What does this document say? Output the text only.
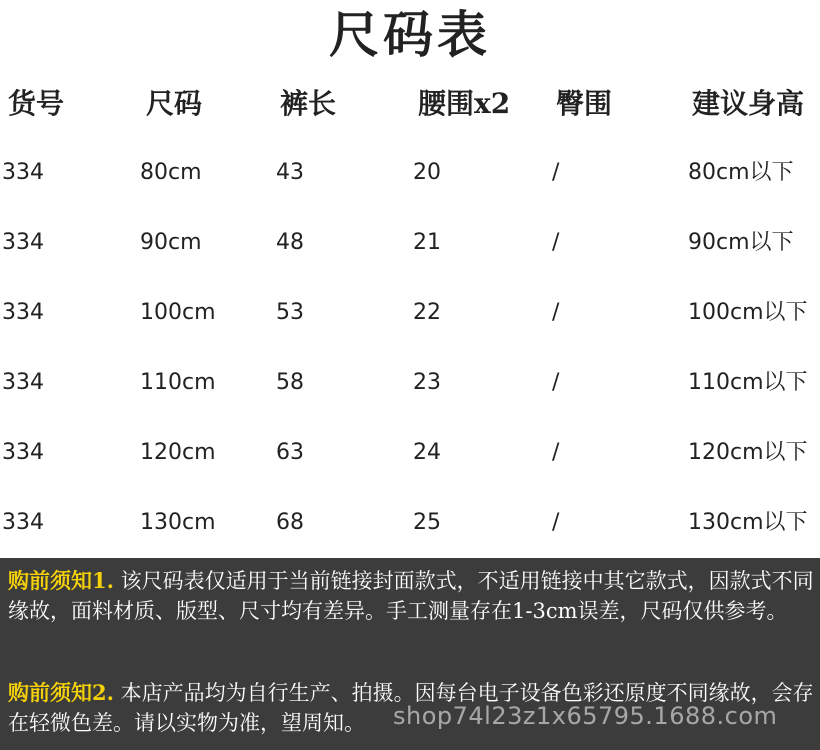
尺码表
货号	尺码	裤长	腰围x2 臀围	建议身高
334	80cm	43	20	/	80cm以下
334	90cm	48	21	/	90cm以下
334	100cm	53	22	/	100cm以下
334	110cm	58	23	/	110cm以下
334	120cm	63	24	/	120cm以下
334	130cm	68	25	/	130cm以下
购前须知1. 该尺码表仅适用于当前链接封面款式，不适用链接中其它款式，因款式不同缘故，面料材质、版型、尺寸均有差异。手工测量存在1-3cm误差，尺码仅供参考。
购前须知2. 本店产品均为自行生产、拍摄。因每台电子设备色彩还原度不同缘故，会存在轻微色差。请以实物为准，望周知。	shop74l23z1x65795.1688.com
